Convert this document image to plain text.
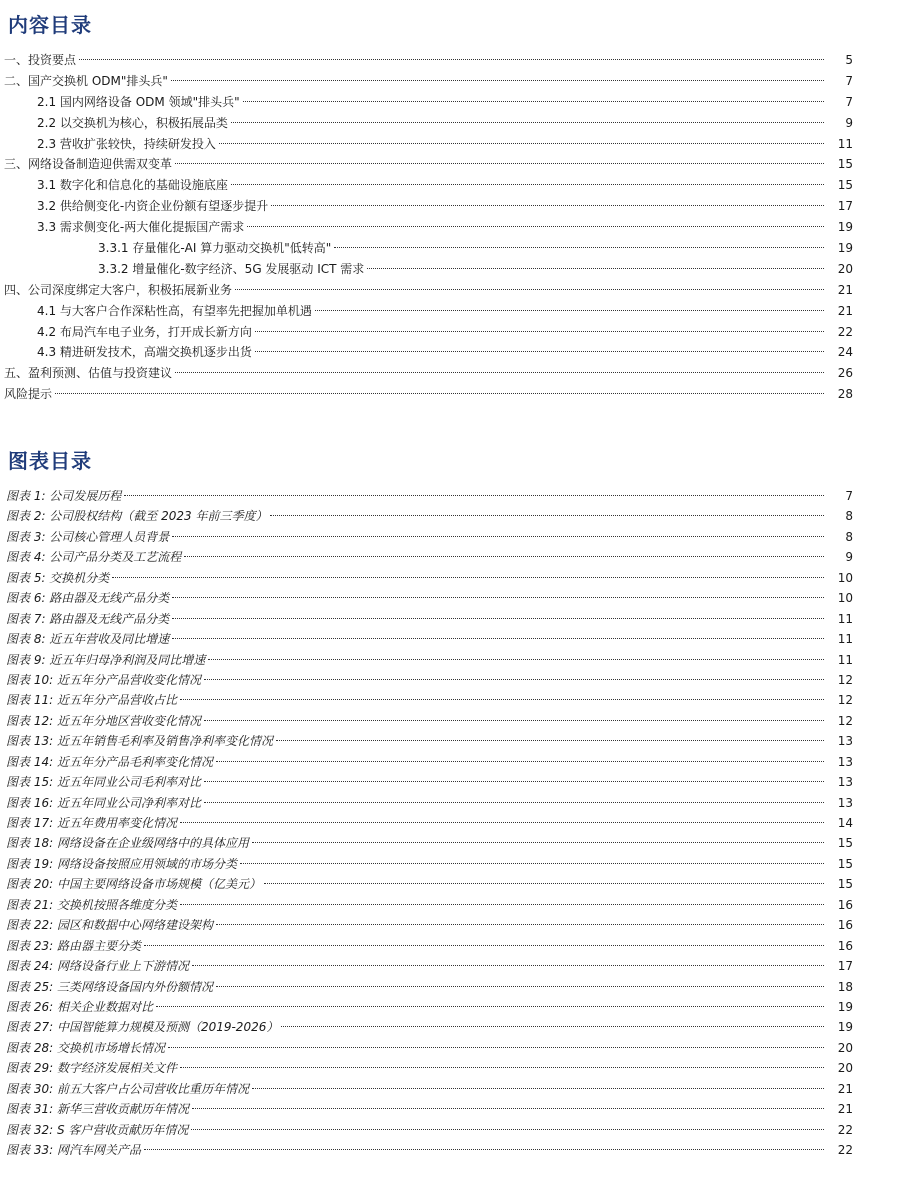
内容目录
一、投资要点	5
二、国产交换机 ODM"排头兵"	7
2.1 国内网络设备 ODM 领域"排头兵"	7
2.2 以交换机为核心，积极拓展品类	9
2.3 营收扩张较快，持续研发投入	11
三、网络设备制造迎供需双变革	15
3.1 数字化和信息化的基础设施底座	15
3.2 供给侧变化-内资企业份额有望逐步提升	17
3.3 需求侧变化-两大催化提振国产需求	19
3.3.1 存量催化-AI 算力驱动交换机"低转高"	19
3.3.2 增量催化-数字经济、5G 发展驱动 ICT 需求	20
四、公司深度绑定大客户，积极拓展新业务	21
4.1 与大客户合作深粘性高，有望率先把握加单机遇	21
4.2 布局汽车电子业务，打开成长新方向	22
4.3 精进研发技术，高端交换机逐步出货	24
五、盈利预测、估值与投资建议	26
风险提示	28
图表目录
图表 1: 公司发展历程	7
图表 2: 公司股权结构（截至 2023 年前三季度）	8
图表 3: 公司核心管理人员背景	8
图表 4: 公司产品分类及工艺流程	9
图表 5: 交换机分类	10
图表 6: 路由器及无线产品分类	10
图表 7: 路由器及无线产品分类	11
图表 8: 近五年营收及同比增速	11
图表 9: 近五年归母净利润及同比增速	11
图表 10: 近五年分产品营收变化情况	12
图表 11: 近五年分产品营收占比	12
图表 12: 近五年分地区营收变化情况	12
图表 13: 近五年销售毛利率及销售净利率变化情况	13
图表 14: 近五年分产品毛利率变化情况	13
图表 15: 近五年同业公司毛利率对比	13
图表 16: 近五年同业公司净利率对比	13
图表 17: 近五年费用率变化情况	14
图表 18: 网络设备在企业级网络中的具体应用	15
图表 19: 网络设备按照应用领域的市场分类	15
图表 20: 中国主要网络设备市场规模（亿美元）	15
图表 21: 交换机按照各维度分类	16
图表 22: 园区和数据中心网络建设架构	16
图表 23: 路由器主要分类	16
图表 24: 网络设备行业上下游情况	17
图表 25: 三类网络设备国内外份额情况	18
图表 26: 相关企业数据对比	19
图表 27: 中国智能算力规模及预测（2019-2026）	19
图表 28: 交换机市场增长情况	20
图表 29: 数字经济发展相关文件	20
图表 30: 前五大客户占公司营收比重历年情况	21
图表 31: 新华三营收贡献历年情况	21
图表 32: S 客户营收贡献历年情况	22
图表 33: 网汽车网关产品	22
